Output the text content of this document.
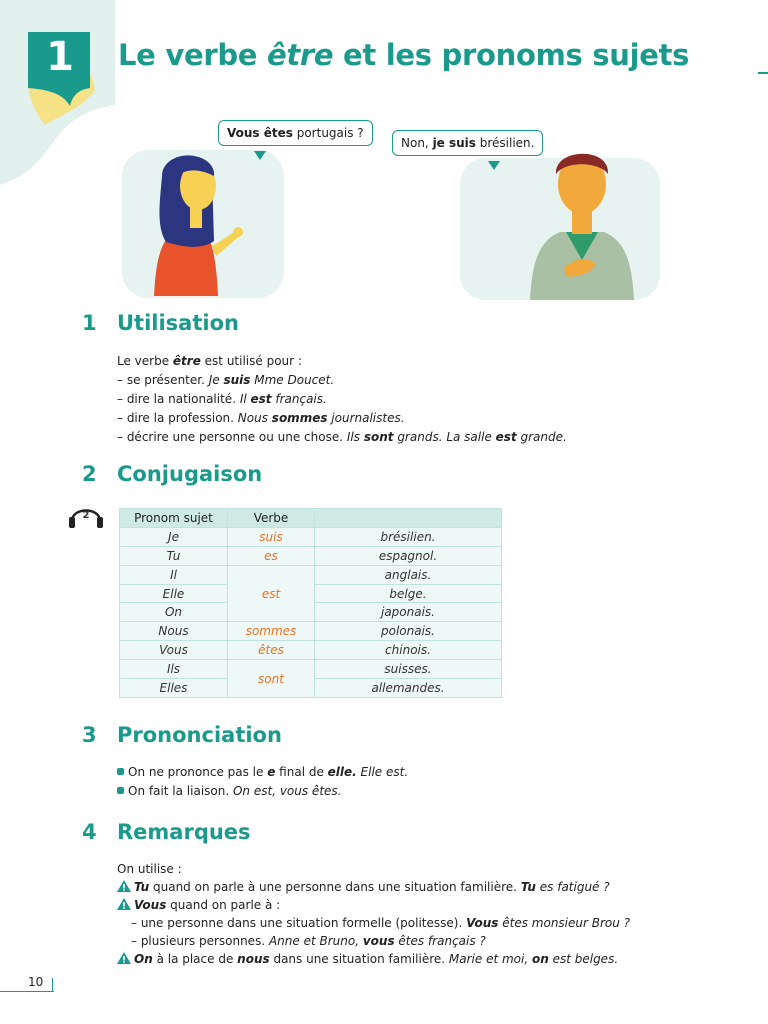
1	Le verbe être et les pronoms sujets
Vous êtes portugais ?
Non, je suis brésilien.
1 Utilisation
Le verbe être est utilisé pour :
– se présenter. Je suis Mme Doucet.
– dire la nationalité. Il est français.
– dire la profession. Nous sommes journalistes.
– décrire une personne ou une chose. Ils sont grands. La salle est grande.
2 Conjugaison
2	Pronom sujet	Verbe	
Je	suis	brésilien.
Tu	es	espagnol.
Il	est	anglais.
Elle		belge.
On		japonais.
Nous	sommes	polonais.
Vous	êtes	chinois.
Ils	sont	suisses.
Elles		allemandes.
3 Prononciation
On ne prononce pas le e final de elle. Elle est.
On fait la liaison. On est, vous êtes.
4 Remarques
On utilise :
Tu quand on parle à une personne dans une situation familière. Tu es fatigué ?
Vous quand on parle à :
– une personne dans une situation formelle (politesse). Vous êtes monsieur Brou ?
– plusieurs personnes. Anne et Bruno, vous êtes français ?
On à la place de nous dans une situation familière. Marie et moi, on est belges.
10
